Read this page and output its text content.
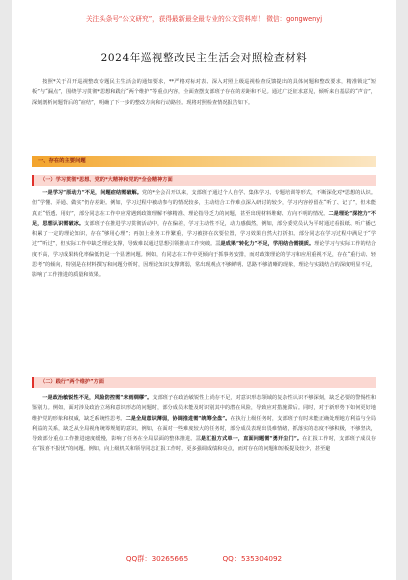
关注头条号“公文研究”，获得最新最全最专业的公文资料库！ 微信：gongwenyj
2024年巡视整改民主生活会对照检查材料

按照*关于召开巡视整改专题民主生活会的通知要求，**严格对标对表、深入对照上级巡视检查反馈提出的具体问题和整改要求，精准锁定“短板”与“漏点”，围绕学习贯彻*思想和践行“两个维护”等重点内容，全面查摆支部班子存在的差距和不足。通过广泛征求意见，倾听来自基层的“声音”，深刻剖析问题背后的“症结”，明确了下一步的整改方向和行动路径。现将对照检查情况报告如下。

一、存在的主要问题
（一）学习贯彻*思想、党的*大精神和党的*全会精神方面

一是学习“原动力”不足，问题症结需破解。党的*全会召开以来，支部班子通过个人自学、集体学习、专题培训等形式，不断深化对*思想的认识。但“学懂、弄通、做实”仍存差距。例如，学习过程中被动参与的情况较多，主动结合工作难点深入研讨的较少，学习内容停留在“听了、记了”，但未能真正“悟透、用好”，部分同志在工作中应常遇到政策理解不够精准、理论指导乏力的问题，甚至出现材料堆砌、方向不明的情况。二是理论“深挖力”不足，思想认识需破冰。支部班子在推进学习贯彻活动中，存在偏差，学习主动性不足，动力感偶然，例如，部分委党员认为平时通过看报纸、听广播已积累了一定的理论知识，存在“够用心理”；再加上业务工作繁重，学习被挤在次要位置，学习效果自然大打折扣。部分同志在学习过程中满足于“学过”“听过”，但实际工作中缺乏理论支撑，导致难以通过思想引领推动工作突破。三是成果“转化力”不足，学用结合需提质。理论学习与实际工作的结合度不高，学习成果转化率偏低仍是一个显著问题。例如，有同志在工作中更倾向于抓事务安排，而对政策理论的学习和应用重视不足，存在“重行动、轻思考”的倾向，特别是在材料撰写和问题分析时，因理论知识支撑薄弱，常出现观点不够鲜明、思路不够清晰的现象，理论与实践结合的深度明显不足，影响了工作推进的质量和效果。

（二）践行“两个维护”方面

一是政治敏锐性不足，风险防控需“未雨绸缪”。支部班子在政治敏锐性上尚存不足，对意识形态领域的复杂性认识不够深刻，缺乏必要的警惕性和鉴别力。例如，面对涉及政治立场和意识形态的问题时，部分成员未能及时识别其中的潜在风险，导致应对措施滞后。同时，对于新形势下如何更好地维护党的形象和权威，缺乏系统性思考。二是全局意识薄弱，协调推进需“统筹全盘”。在执行上级任务时，支部班子有时未能正确处理地方利益与全局利益的关系，缺乏从全局视角统筹规划的意识。例如，在面对一些难度较大的任务时，部分成员表现出畏难情绪，抓落实的态度不够积极，不够坚决，导致部分重点工作推进速度缓慢，影响了任务在全局层面的整体推进。三是汇报方式单一，直面问题需“勇开尘门”。在汇报工作时，支部班子成员存在“报喜不报忧”的问题。例如，向上级机关和领导同志汇报工作时，更多强调成绩和亮点，而对存在的问题和短板提及较少，甚至避

QQ群：30265665	QQ：535304092
